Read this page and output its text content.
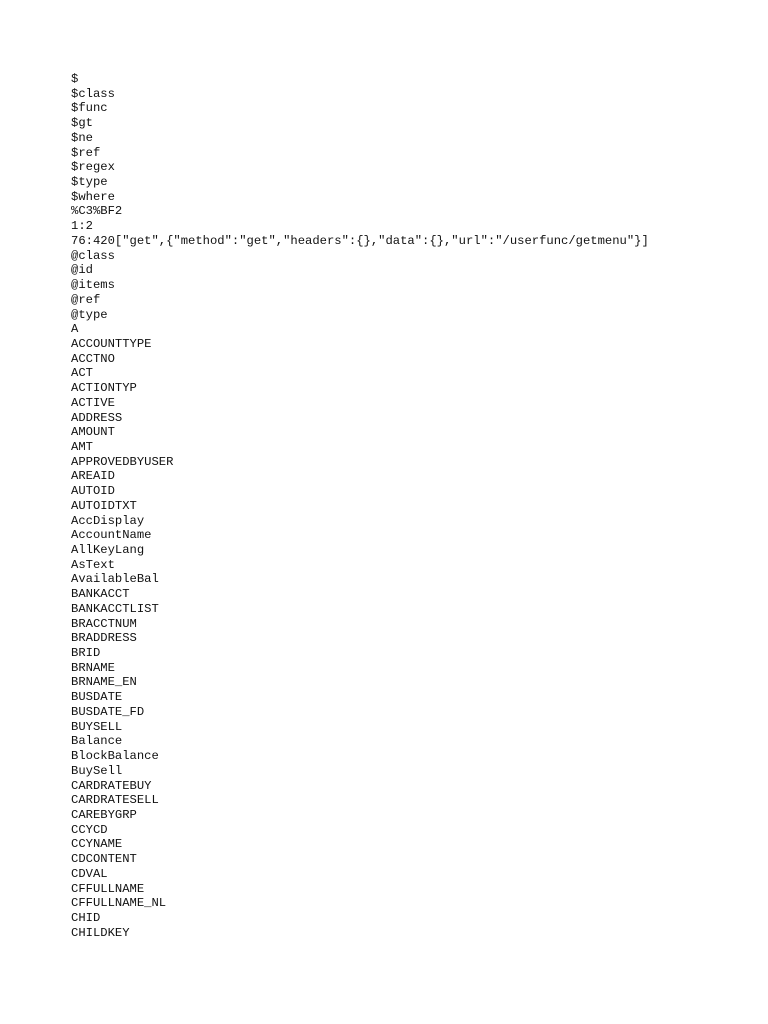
$
$class
$func
$gt
$ne
$ref
$regex
$type
$where
%C3%BF2
1:2
76:420["get",{"method":"get","headers":{},"data":{},"url":"/userfunc/getmenu"}]
@class
@id
@items
@ref
@type
A
ACCOUNTTYPE
ACCTNO
ACT
ACTIONTYP
ACTIVE
ADDRESS
AMOUNT
AMT
APPROVEDBYUSER
AREAID
AUTOID
AUTOIDTXT
AccDisplay
AccountName
AllKeyLang
AsText
AvailableBal
BANKACCT
BANKACCTLIST
BRACCTNUM
BRADDRESS
BRID
BRNAME
BRNAME_EN
BUSDATE
BUSDATE_FD
BUYSELL
Balance
BlockBalance
BuySell
CARDRATEBUY
CARDRATESELL
CAREBYGRP
CCYCD
CCYNAME
CDCONTENT
CDVAL
CFFULLNAME
CFFULLNAME_NL
CHID
CHILDKEY
